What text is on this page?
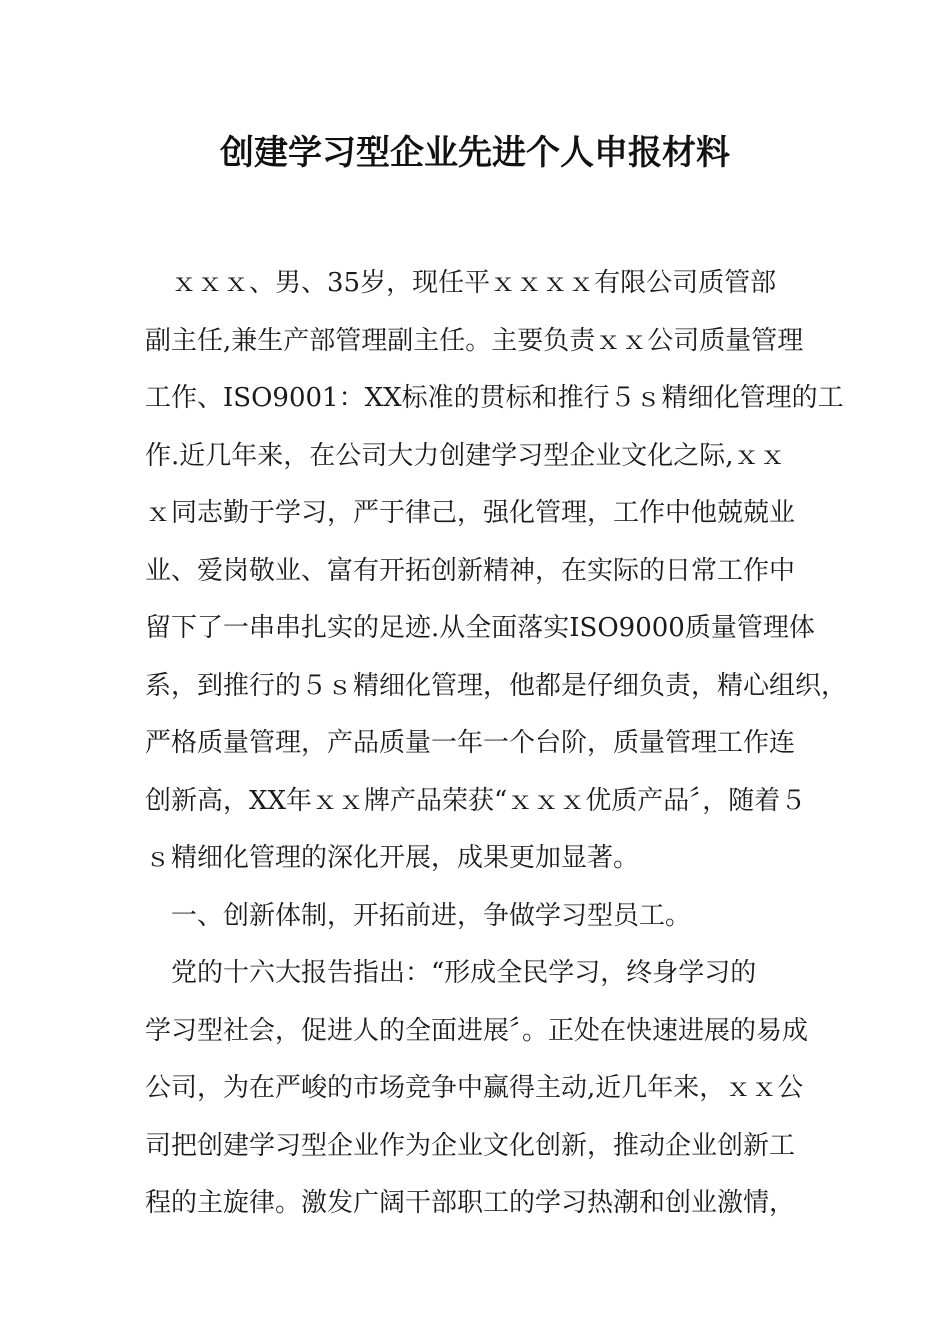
创建学习型企业先进个人申报材料
　ｘｘｘ、男、35岁，现任平ｘｘｘｘ有限公司质管部
副主任,兼生产部管理副主任。主要负责ｘｘ公司质量管理
工作、ISO9001：XX标准的贯标和推行５ｓ精细化管理的工
作.近几年来，在公司大力创建学习型企业文化之际,ｘｘ
ｘ同志勤于学习，严于律己，强化管理，工作中他兢兢业
业、爱岗敬业、富有开拓创新精神，在实际的日常工作中
留下了一串串扎实的足迹.从全面落实ISO9000质量管理体
系，到推行的５ｓ精细化管理，他都是仔细负责，精心组织，
严格质量管理，产品质量一年一个台阶，质量管理工作连
创新高，XX年ｘｘ牌产品荣获“ｘｘｘ优质产品〞，随着５
ｓ精细化管理的深化开展，成果更加显著。
　一、创新体制，开拓前进，争做学习型员工。
　党的十六大报告指出：“形成全民学习，终身学习的
学习型社会，促进人的全面进展〞。正处在快速进展的易成
公司，为在严峻的市场竞争中赢得主动,近几年来，ｘｘ公
司把创建学习型企业作为企业文化创新，推动企业创新工
程的主旋律。激发广阔干部职工的学习热潮和创业激情，
